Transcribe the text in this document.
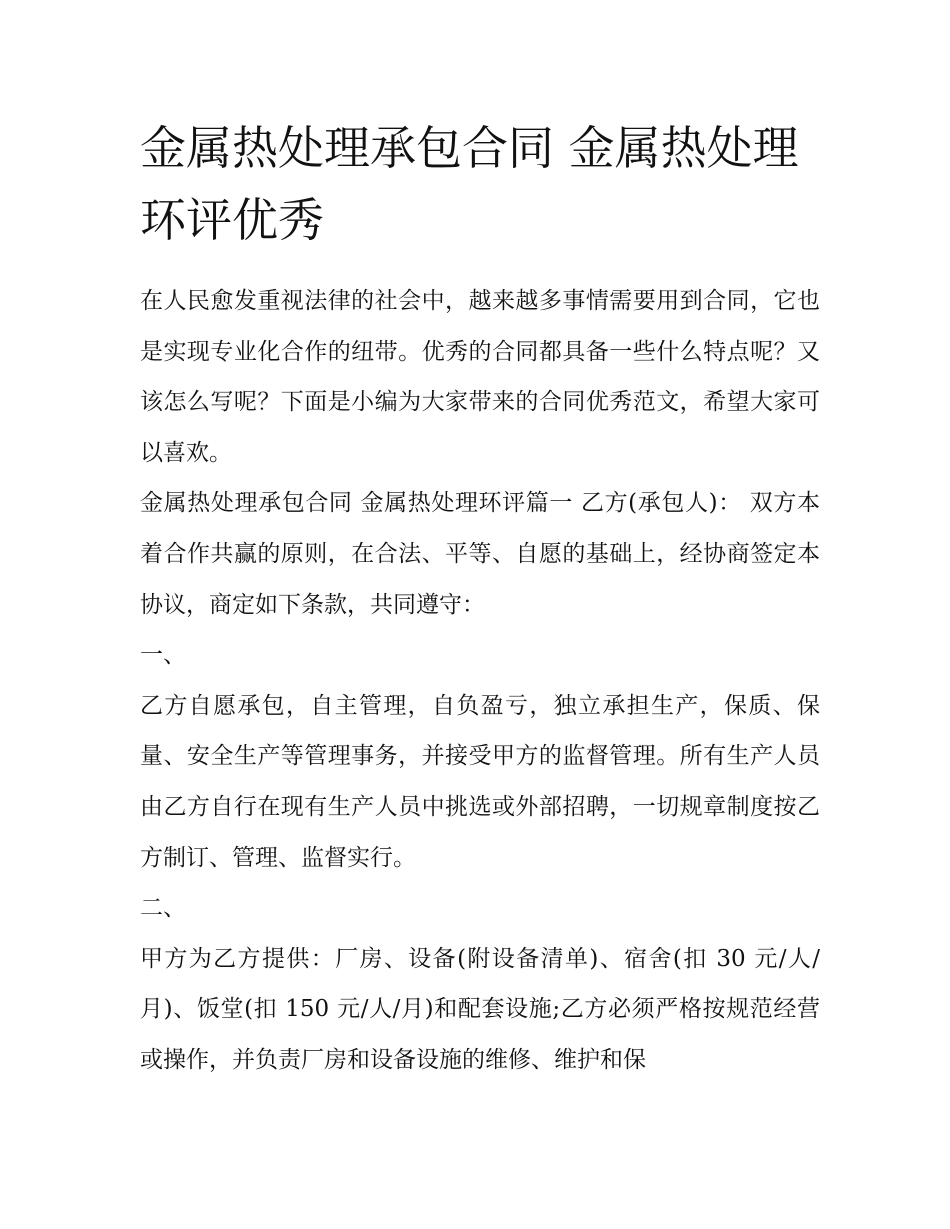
金属热处理承包合同 金属热处理环评优秀

在人民愈发重视法律的社会中，越来越多事情需要用到合同，它也是实现专业化合作的纽带。优秀的合同都具备一些什么特点呢？又该怎么写呢？下面是小编为大家带来的合同优秀范文，希望大家可以喜欢。

金属热处理承包合同 金属热处理环评篇一 乙方(承包人)： 双方本着合作共赢的原则，在合法、平等、自愿的基础上，经协商签定本协议，商定如下条款，共同遵守：

一、

乙方自愿承包，自主管理，自负盈亏，独立承担生产，保质、保量、安全生产等管理事务，并接受甲方的监督管理。所有生产人员由乙方自行在现有生产人员中挑选或外部招聘，一切规章制度按乙方制订、管理、监督实行。

二、

甲方为乙方提供：厂房、设备(附设备清单)、宿舍(扣 30 元/人/月)、饭堂(扣 150 元/人/月)和配套设施;乙方必须严格按规范经营或操作，并负责厂房和设备设施的维修、维护和保
